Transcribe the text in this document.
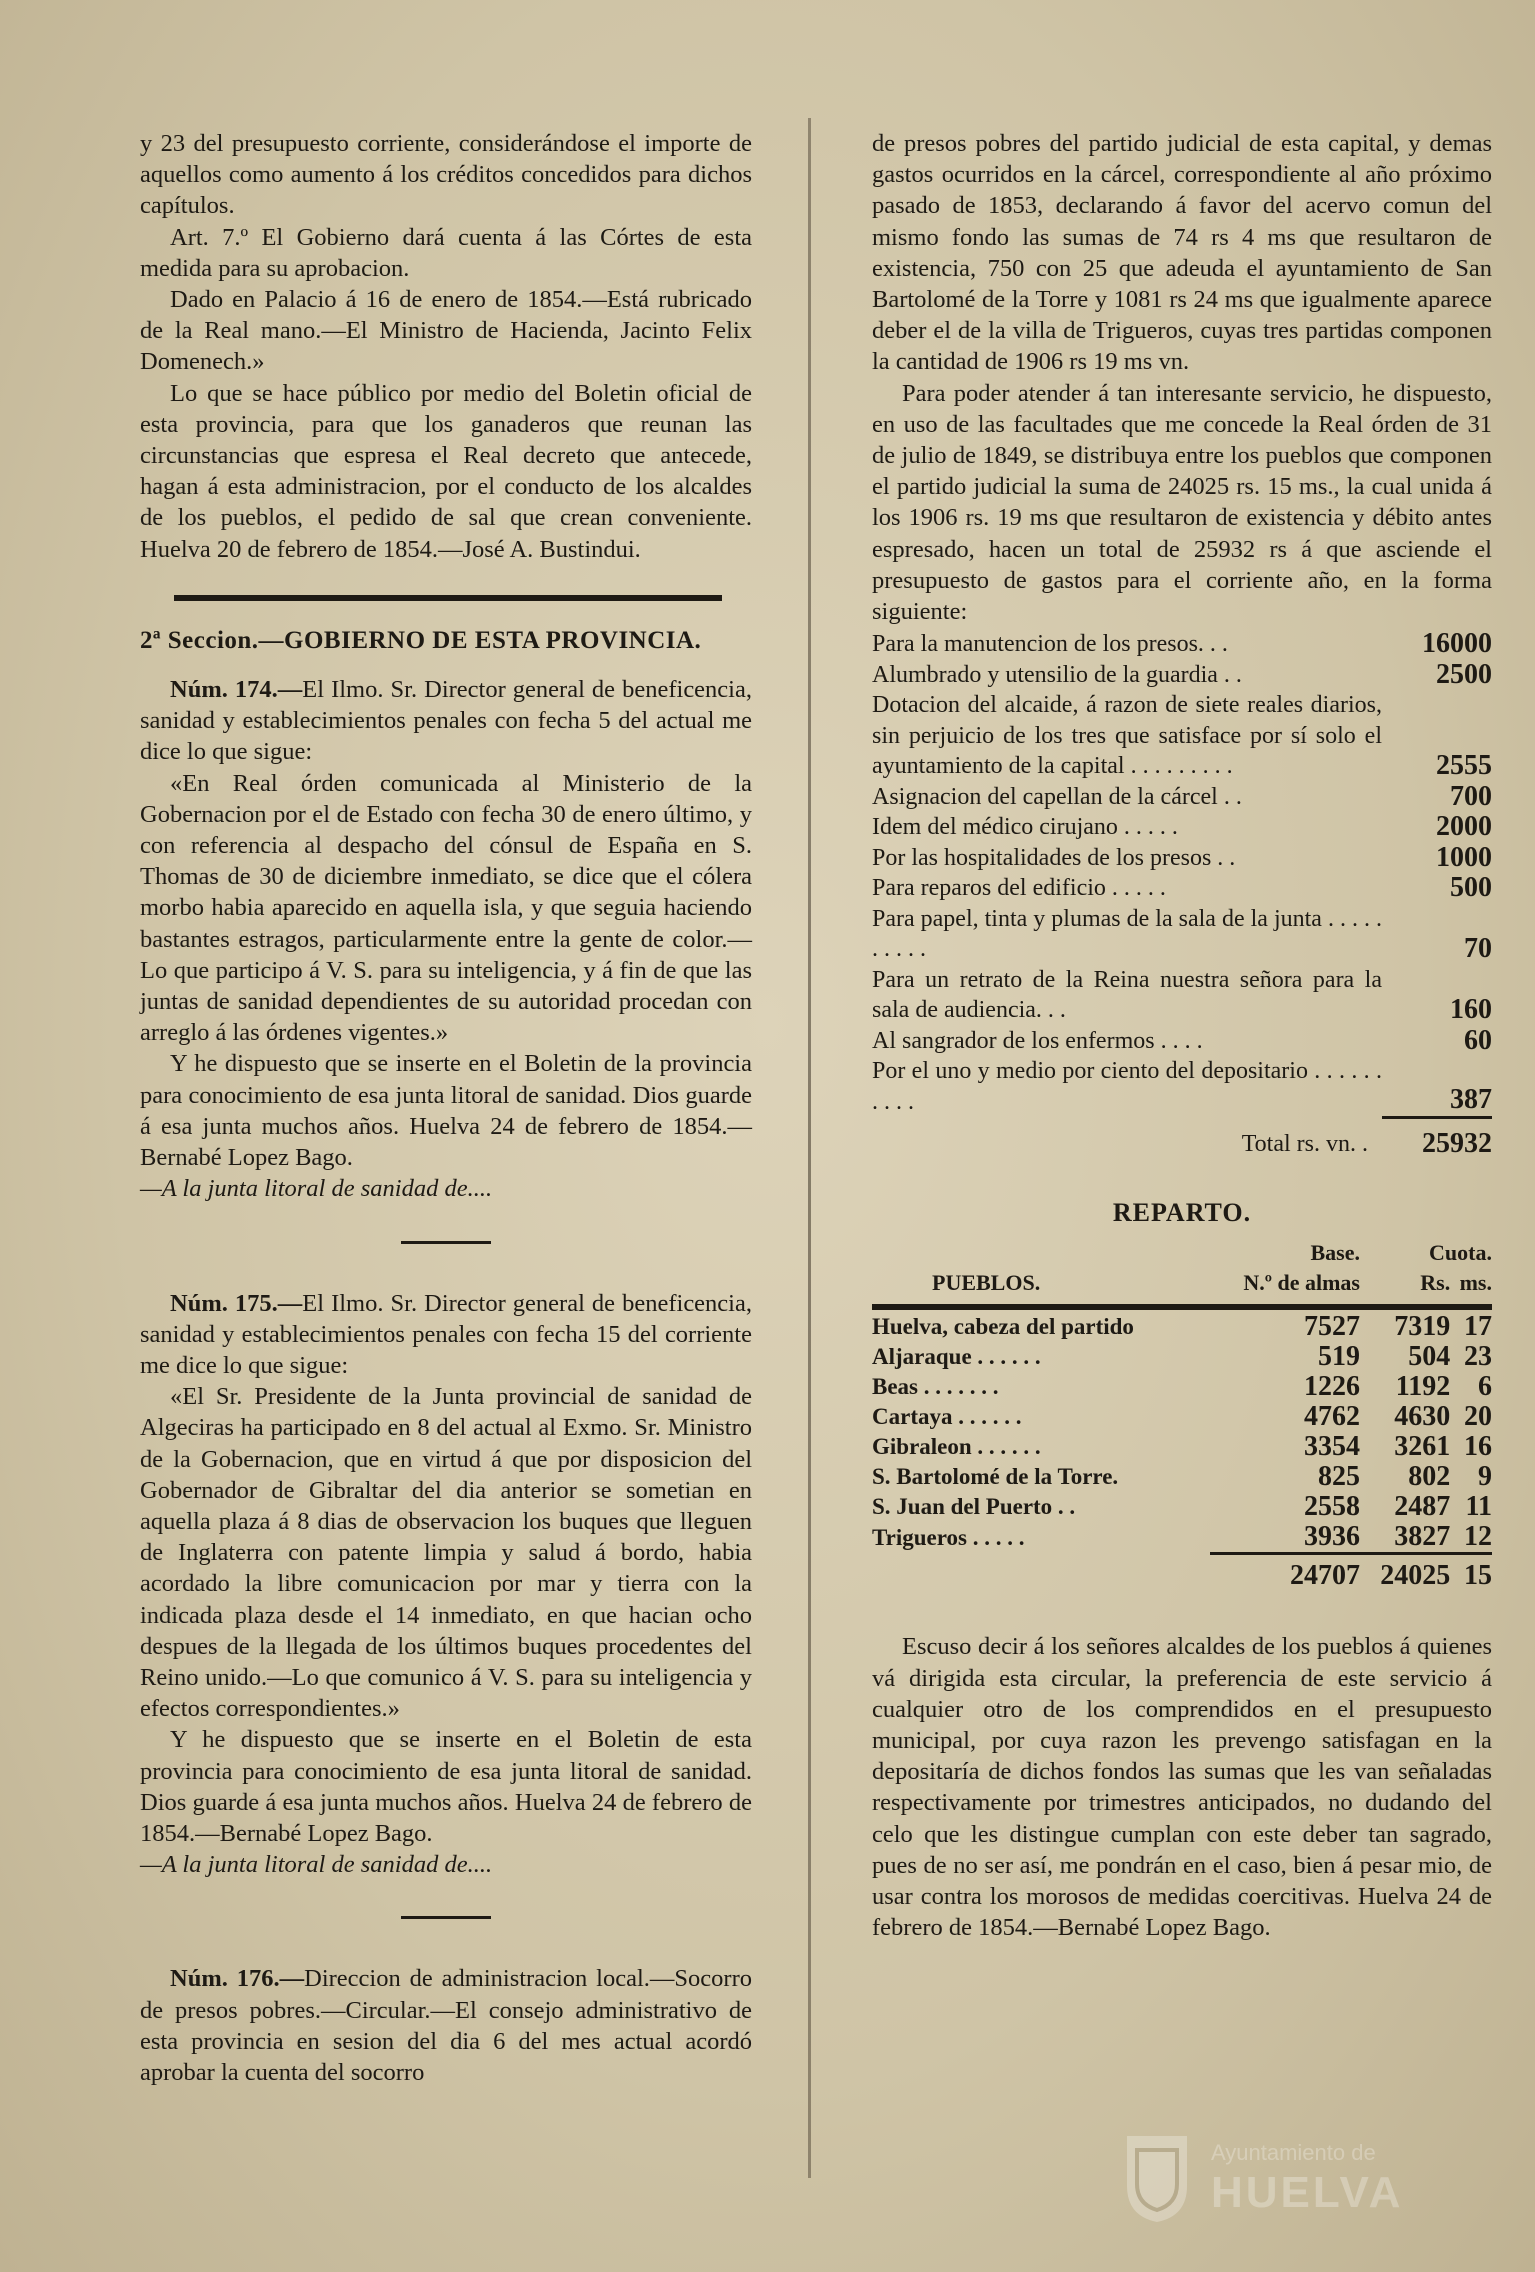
y 23 del presupuesto corriente, considerándose el importe de aquellos como aumento á los créditos concedidos para dichos capítulos.

Art. 7.º El Gobierno dará cuenta á las Córtes de esta medida para su aprobacion.

Dado en Palacio á 16 de enero de 1854.—Está rubricado de la Real mano.—El Ministro de Hacienda, Jacinto Felix Domenech.»

Lo que se hace público por medio del Boletin oficial de esta provincia, para que los ganaderos que reunan las circunstancias que espresa el Real decreto que antecede, hagan á esta administracion, por el conducto de los alcaldes de los pueblos, el pedido de sal que crean conveniente. Huelva 20 de febrero de 1854.—José A. Bustindui.

2ª Seccion.—GOBIERNO DE ESTA PROVINCIA.

Núm. 174.—El Ilmo. Sr. Director general de beneficencia, sanidad y establecimientos penales con fecha 5 del actual me dice lo que sigue:

«En Real órden comunicada al Ministerio de la Gobernacion por el de Estado con fecha 30 de enero último, y con referencia al despacho del cónsul de España en S. Thomas de 30 de diciembre inmediato, se dice que el cólera morbo habia aparecido en aquella isla, y que seguia haciendo bastantes estragos, particularmente entre la gente de color.—Lo que participo á V. S. para su inteligencia, y á fin de que las juntas de sanidad dependientes de su autoridad procedan con arreglo á las órdenes vigentes.»

Y he dispuesto que se inserte en el Boletin de la provincia para conocimiento de esa junta litoral de sanidad. Dios guarde á esa junta muchos años. Huelva 24 de febrero de 1854.—Bernabé Lopez Bago.

—A la junta litoral de sanidad de....

Núm. 175.—El Ilmo. Sr. Director general de beneficencia, sanidad y establecimientos penales con fecha 15 del corriente me dice lo que sigue:

«El Sr. Presidente de la Junta provincial de sanidad de Algeciras ha participado en 8 del actual al Exmo. Sr. Ministro de la Gobernacion, que en virtud á que por disposicion del Gobernador de Gibraltar del dia anterior se sometian en aquella plaza á 8 dias de observacion los buques que lleguen de Inglaterra con patente limpia y salud á bordo, habia acordado la libre comunicacion por mar y tierra con la indicada plaza desde el 14 inmediato, en que hacian ocho despues de la llegada de los últimos buques procedentes del Reino unido.—Lo que comunico á V. S. para su inteligencia y efectos correspondientes.»

Y he dispuesto que se inserte en el Boletin de esta provincia para conocimiento de esa junta litoral de sanidad. Dios guarde á esa junta muchos años. Huelva 24 de febrero de 1854.—Bernabé Lopez Bago.

—A la junta litoral de sanidad de....

Núm. 176.—Direccion de administracion local.—Socorro de presos pobres.—Circular.—El consejo administrativo de esta provincia en sesion del dia 6 del mes actual acordó aprobar la cuenta del socorro

de presos pobres del partido judicial de esta capital, y demas gastos ocurridos en la cárcel, correspondiente al año próximo pasado de 1853, declarando á favor del acervo comun del mismo fondo las sumas de 74 rs 4 ms que resultaron de existencia, 750 con 25 que adeuda el ayuntamiento de San Bartolomé de la Torre y 1081 rs 24 ms que igualmente aparece deber el de la villa de Trigueros, cuyas tres partidas componen la cantidad de 1906 rs 19 ms vn.

Para poder atender á tan interesante servicio, he dispuesto, en uso de las facultades que me concede la Real órden de 31 de julio de 1849, se distribuya entre los pueblos que componen el partido judicial la suma de 24025 rs. 15 ms., la cual unida á los 1906 rs. 19 ms que resultaron de existencia y débito antes espresado, hacen un total de 25932 rs á que asciende el presupuesto de gastos para el corriente año, en la forma siguiente:

Para la manutencion de los presos. . .	16000
Alumbrado y utensilio de la guardia . .	2500
Dotacion del alcaide, á razon de siete reales diarios, sin perjuicio de los tres que satisface por sí solo el ayuntamiento de la capital . . . . . . . . .	2555
Asignacion del capellan de la cárcel . .	700
Idem del médico cirujano . . . . .	2000
Por las hospitalidades de los presos . .	1000
Para reparos del edificio . . . . .	500
Para papel, tinta y plumas de la sala de la junta . . . . . . . . . .	70
Para un retrato de la Reina nuestra señora para la sala de audiencia. . .	160
Al sangrador de los enfermos . . . .	60
Por el uno y medio por ciento del depositario . . . . . . . . . .	387
Total rs. vn. .	25932
REPARTO.
PUEBLOS.	Base.	Cuota.	
	N.º de almas	Rs.	ms.

Huelva, cabeza del partido	7527	7319	17
Aljaraque . . . . . .	519	504	23
Beas . . . . . . .	1226	1192	6
Cartaya . . . . . .	4762	4630	20
Gibraleon . . . . . .	3354	3261	16
S. Bartolomé de la Torre.	825	802	9
S. Juan del Puerto . .	2558	2487	11
Trigueros . . . . .	3936	3827	12
	24707	24025	15

Escuso decir á los señores alcaldes de los pueblos á quienes vá dirigida esta circular, la preferencia de este servicio á cualquier otro de los comprendidos en el presupuesto municipal, por cuya razon les prevengo satisfagan en la depositaría de dichos fondos las sumas que les van señaladas respectivamente por trimestres anticipados, no dudando del celo que les distingue cumplan con este deber tan sagrado, pues de no ser así, me pondrán en el caso, bien á pesar mio, de usar contra los morosos de medidas coercitivas. Huelva 24 de febrero de 1854.—Bernabé Lopez Bago.

Ayuntamiento de
HUELVA
